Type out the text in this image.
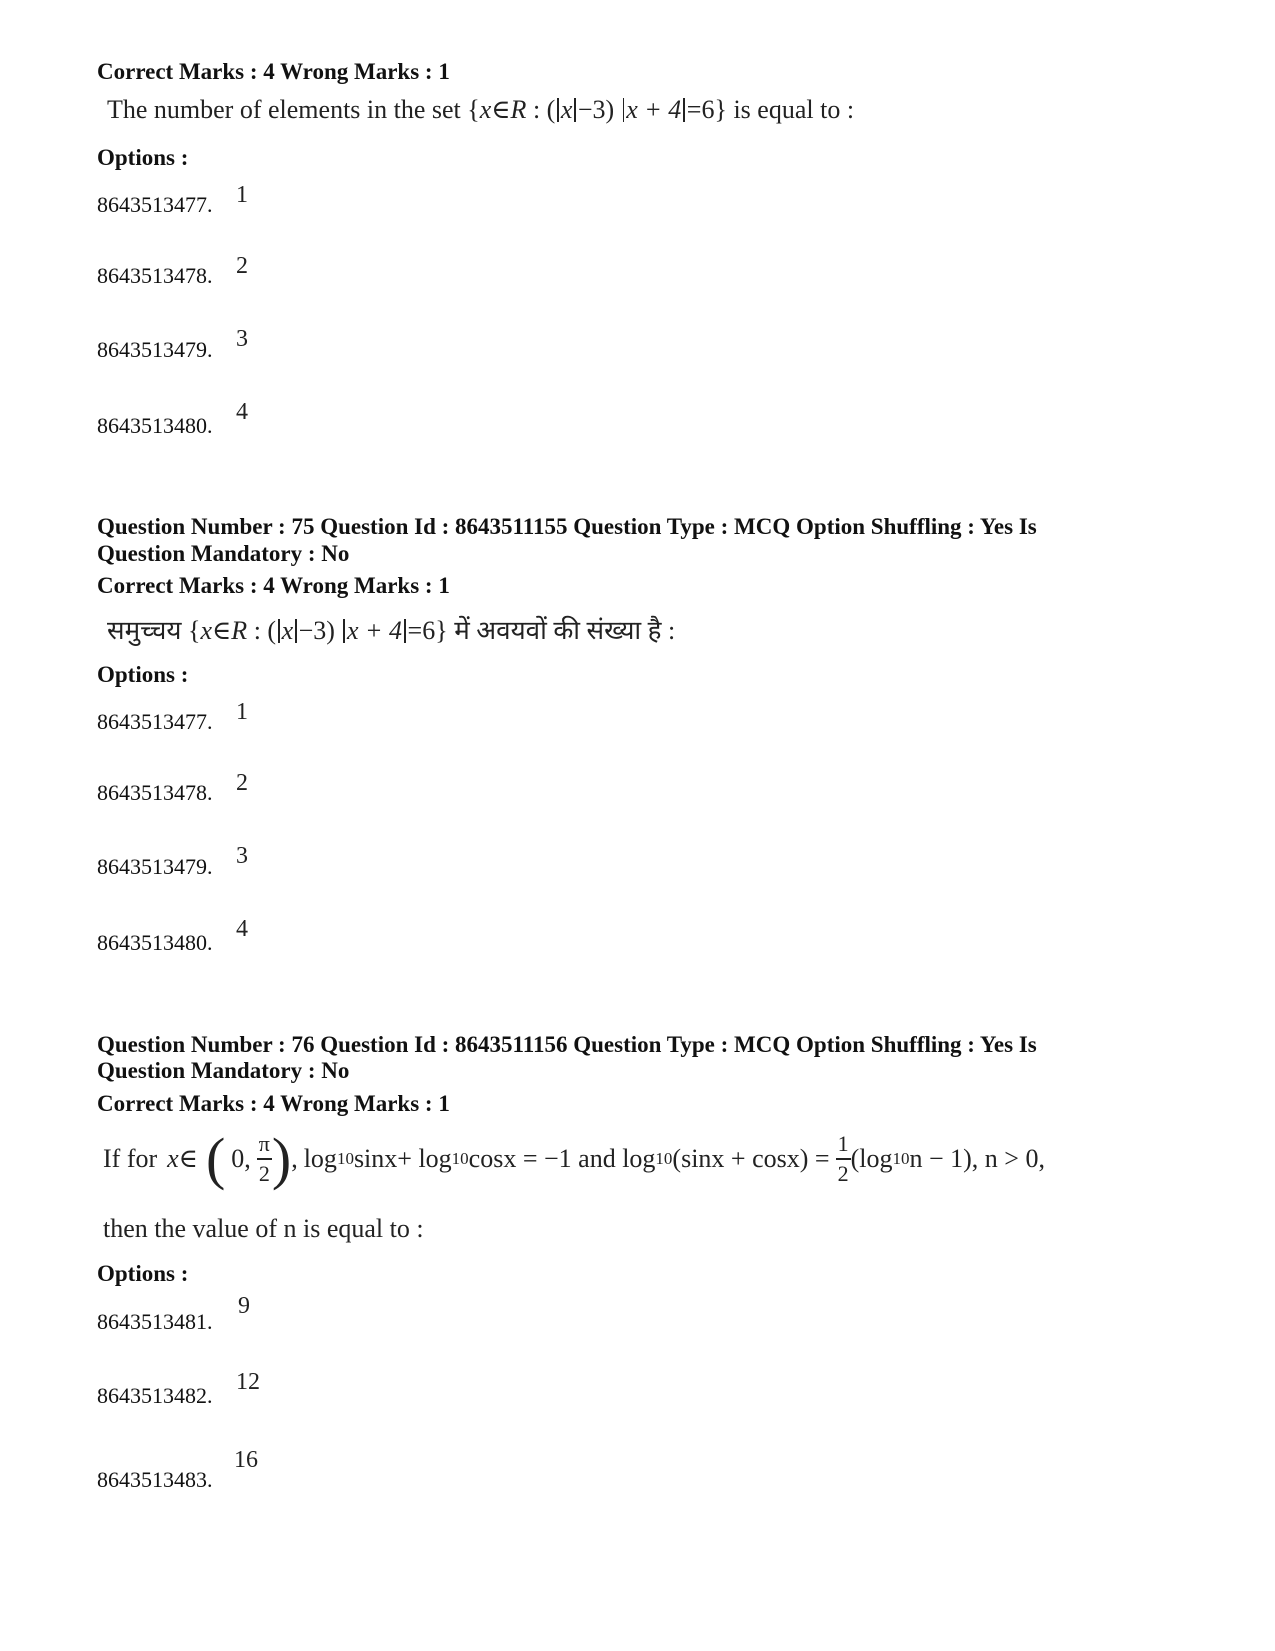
Correct Marks : 4 Wrong Marks : 1
The number of elements in the set {x∈R : ( x −3) x + 4 =6} is equal to :
Options :
8643513477. 1
8643513478. 2
8643513479. 3
8643513480.
4
Question Number : 75 Question Id : 8643511155 Question Type : MCQ Option Shuffling : Yes Is
Question Mandatory : No
Correct Marks : 4 Wrong Marks : 1
समुच्चय {x∈R : ( x −3) x + 4 =6} में अवयवों की संख्या है :
Options :
8643513477. 1
8643513478. 2
8643513479. 3
8643513480.
4
Question Number : 76 Question Id : 8643511156 Question Type : MCQ Option Shuffling : Yes Is
Question Mandatory : No
Correct Marks : 4 Wrong Marks : 1
If for x∈ ( 0, $\frac{\pi}{2}$ ) , log 10 sinx + log 10 cosx = −1 and log 10 $(\sin x + \cos x) = \frac{1}{2} (\log$ 10 n − 1), n > 0,
then the value of n is equal to :
Options :
8643513481.
9
8643513482.
12
8643513483.
16
